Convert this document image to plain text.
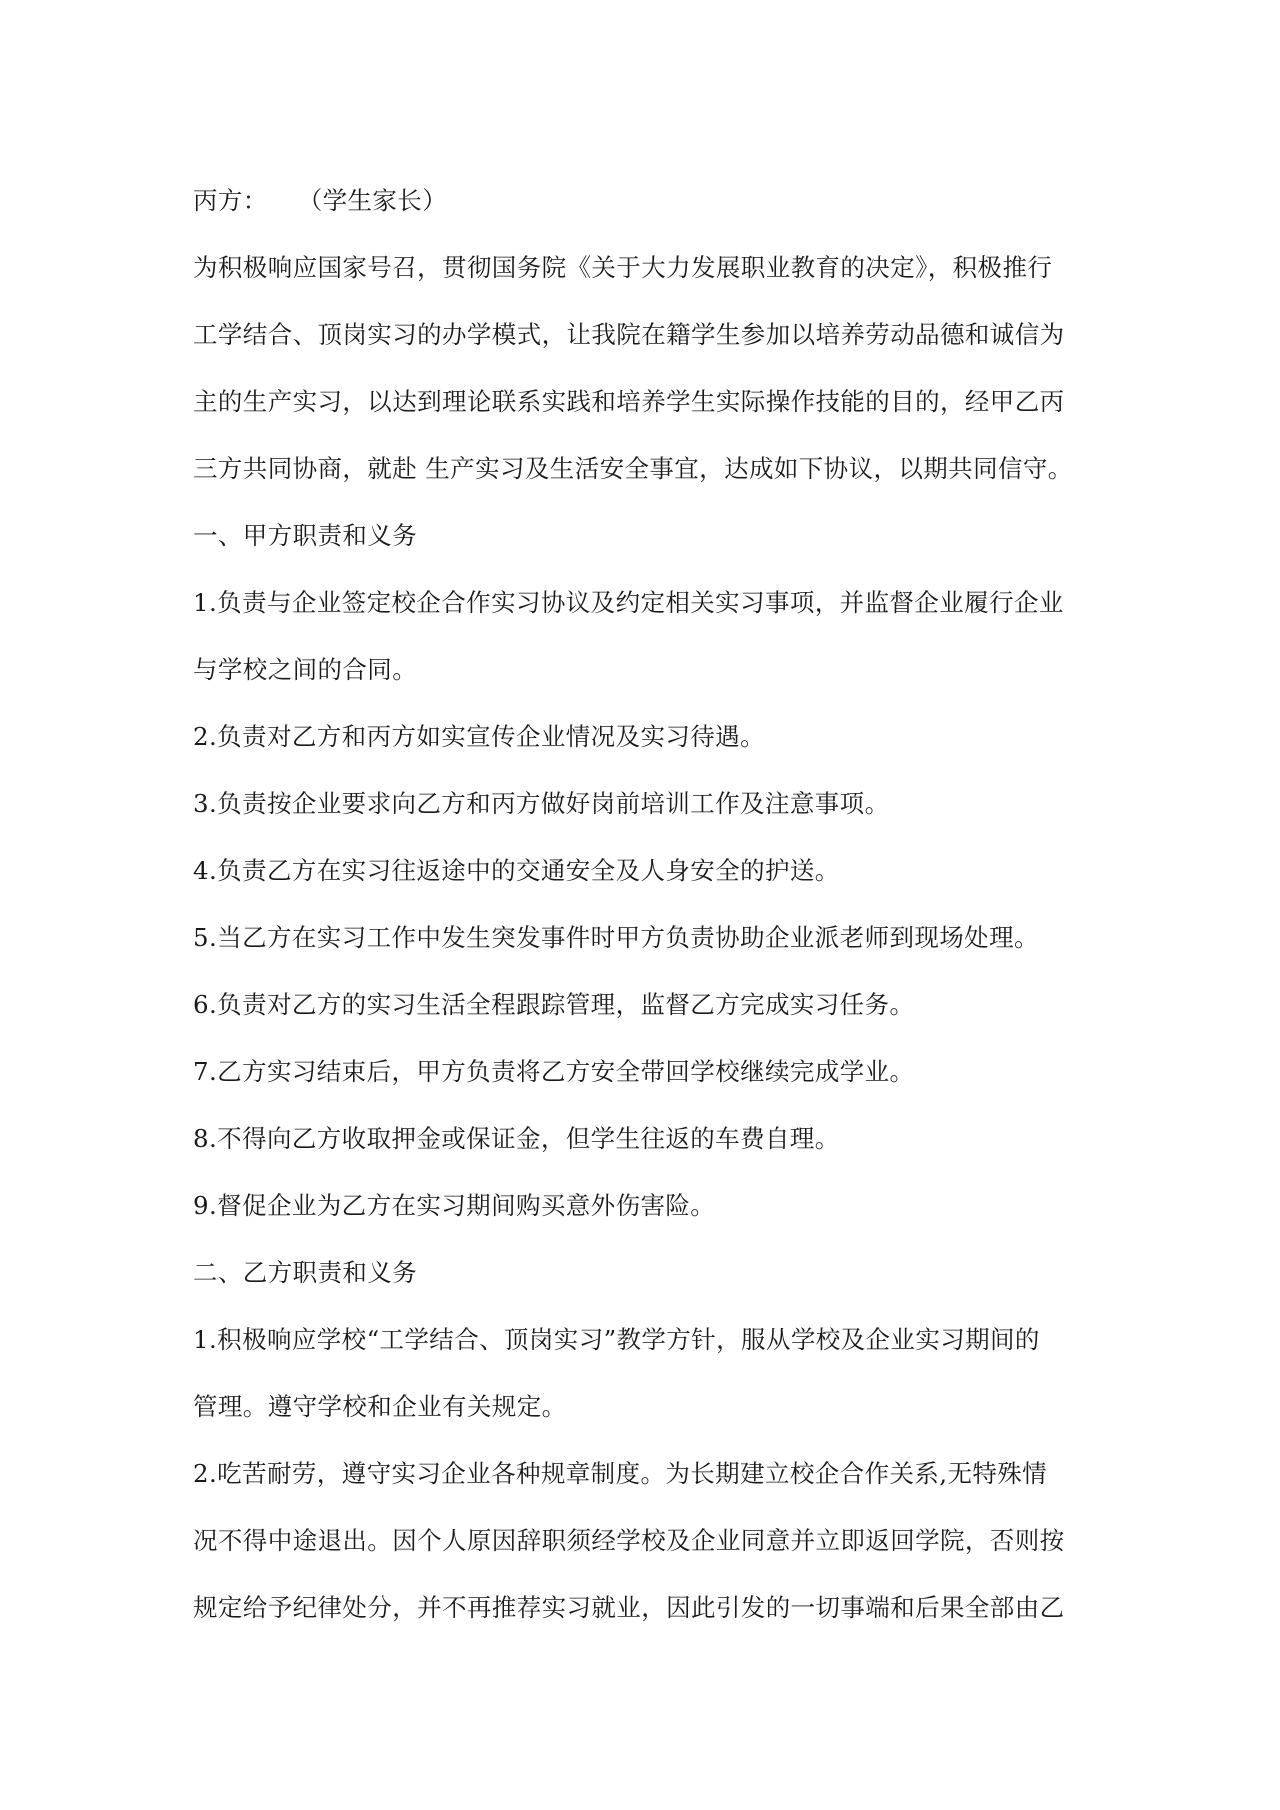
丙方： （学生家长）

为积极响应国家号召，贯彻国务院《关于大力发展职业教育的决定》，积极推行

工学结合、顶岗实习的办学模式，让我院在籍学生参加以培养劳动品德和诚信为

主的生产实习，以达到理论联系实践和培养学生实际操作技能的目的，经甲乙丙

三方共同协商，就赴 生产实习及生活安全事宜，达成如下协议，以期共同信守。

一、甲方职责和义务

1.负责与企业签定校企合作实习协议及约定相关实习事项，并监督企业履行企业

与学校之间的合同。

2.负责对乙方和丙方如实宣传企业情况及实习待遇。

3.负责按企业要求向乙方和丙方做好岗前培训工作及注意事项。

4.负责乙方在实习往返途中的交通安全及人身安全的护送。

5.当乙方在实习工作中发生突发事件时甲方负责协助企业派老师到现场处理。

6.负责对乙方的实习生活全程跟踪管理，监督乙方完成实习任务。

7.乙方实习结束后，甲方负责将乙方安全带回学校继续完成学业。

8.不得向乙方收取押金或保证金，但学生往返的车费自理。

9.督促企业为乙方在实习期间购买意外伤害险。

二、乙方职责和义务

1.积极响应学校“工学结合、顶岗实习”教学方针，服从学校及企业实习期间的

管理。遵守学校和企业有关规定。

2.吃苦耐劳，遵守实习企业各种规章制度。为长期建立校企合作关系,无特殊情

况不得中途退出。因个人原因辞职须经学校及企业同意并立即返回学院，否则按

规定给予纪律处分，并不再推荐实习就业，因此引发的一切事端和后果全部由乙
